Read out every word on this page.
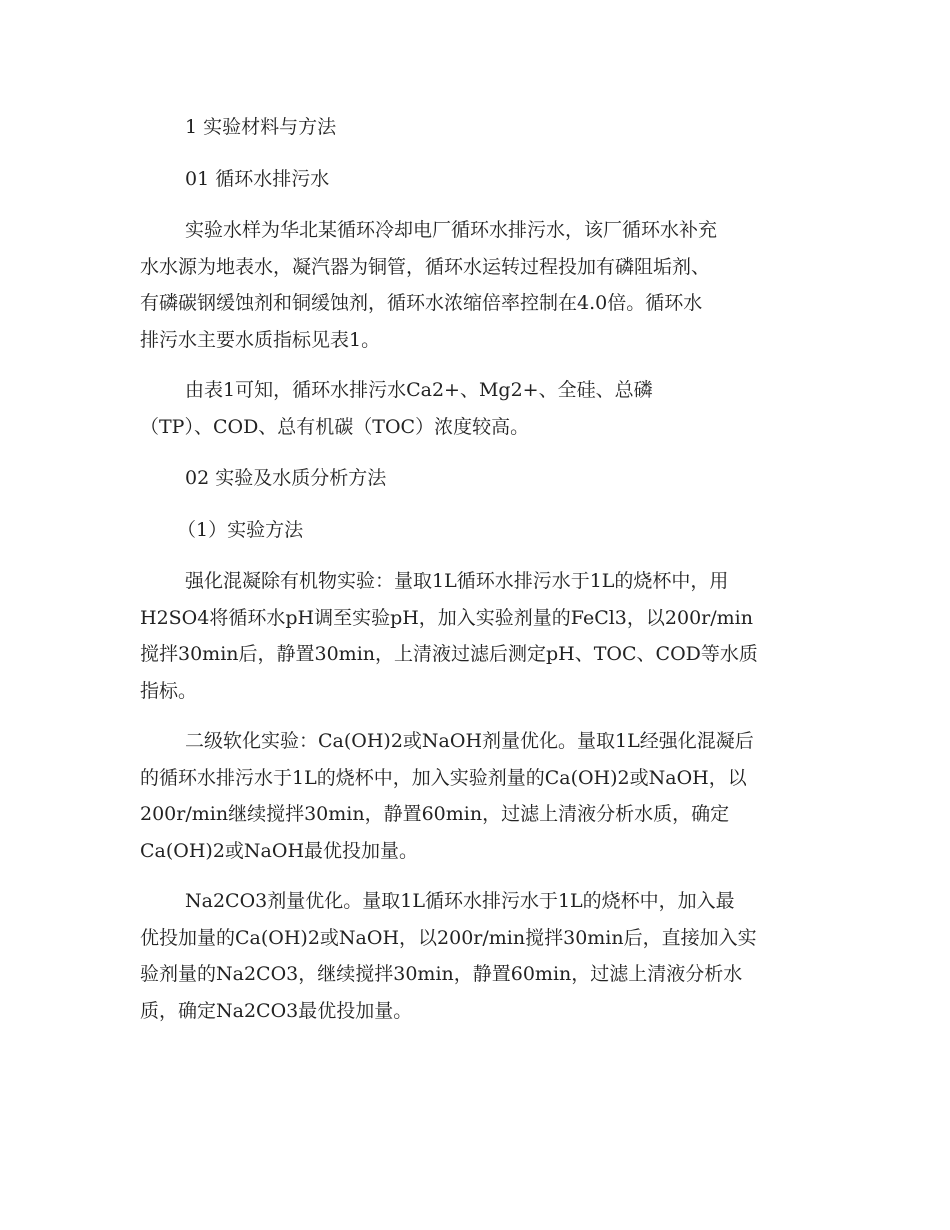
1 实验材料与方法
01 循环水排污水
实验水样为华北某循环冷却电厂循环水排污水，该厂循环水补充
水水源为地表水，凝汽器为铜管，循环水运转过程投加有磷阻垢剂、
有磷碳钢缓蚀剂和铜缓蚀剂，循环水浓缩倍率控制在4.0倍。循环水
排污水主要水质指标见表1。
由表1可知，循环水排污水Ca2+、Mg2+、全硅、总磷
（TP）、COD、总有机碳（TOC）浓度较高。
02 实验及水质分析方法
（1）实验方法
强化混凝除有机物实验：量取1L循环水排污水于1L的烧杯中，用
H2SO4将循环水pH调至实验pH，加入实验剂量的FeCl3，以200r/min
搅拌30min后，静置30min，上清液过滤后测定pH、TOC、COD等水质
指标。
二级软化实验：Ca(OH)2或NaOH剂量优化。量取1L经强化混凝后
的循环水排污水于1L的烧杯中，加入实验剂量的Ca(OH)2或NaOH，以
200r/min继续搅拌30min，静置60min，过滤上清液分析水质，确定
Ca(OH)2或NaOH最优投加量。
Na2CO3剂量优化。量取1L循环水排污水于1L的烧杯中，加入最
优投加量的Ca(OH)2或NaOH，以200r/min搅拌30min后，直接加入实
验剂量的Na2CO3，继续搅拌30min，静置60min，过滤上清液分析水
质，确定Na2CO3最优投加量。
